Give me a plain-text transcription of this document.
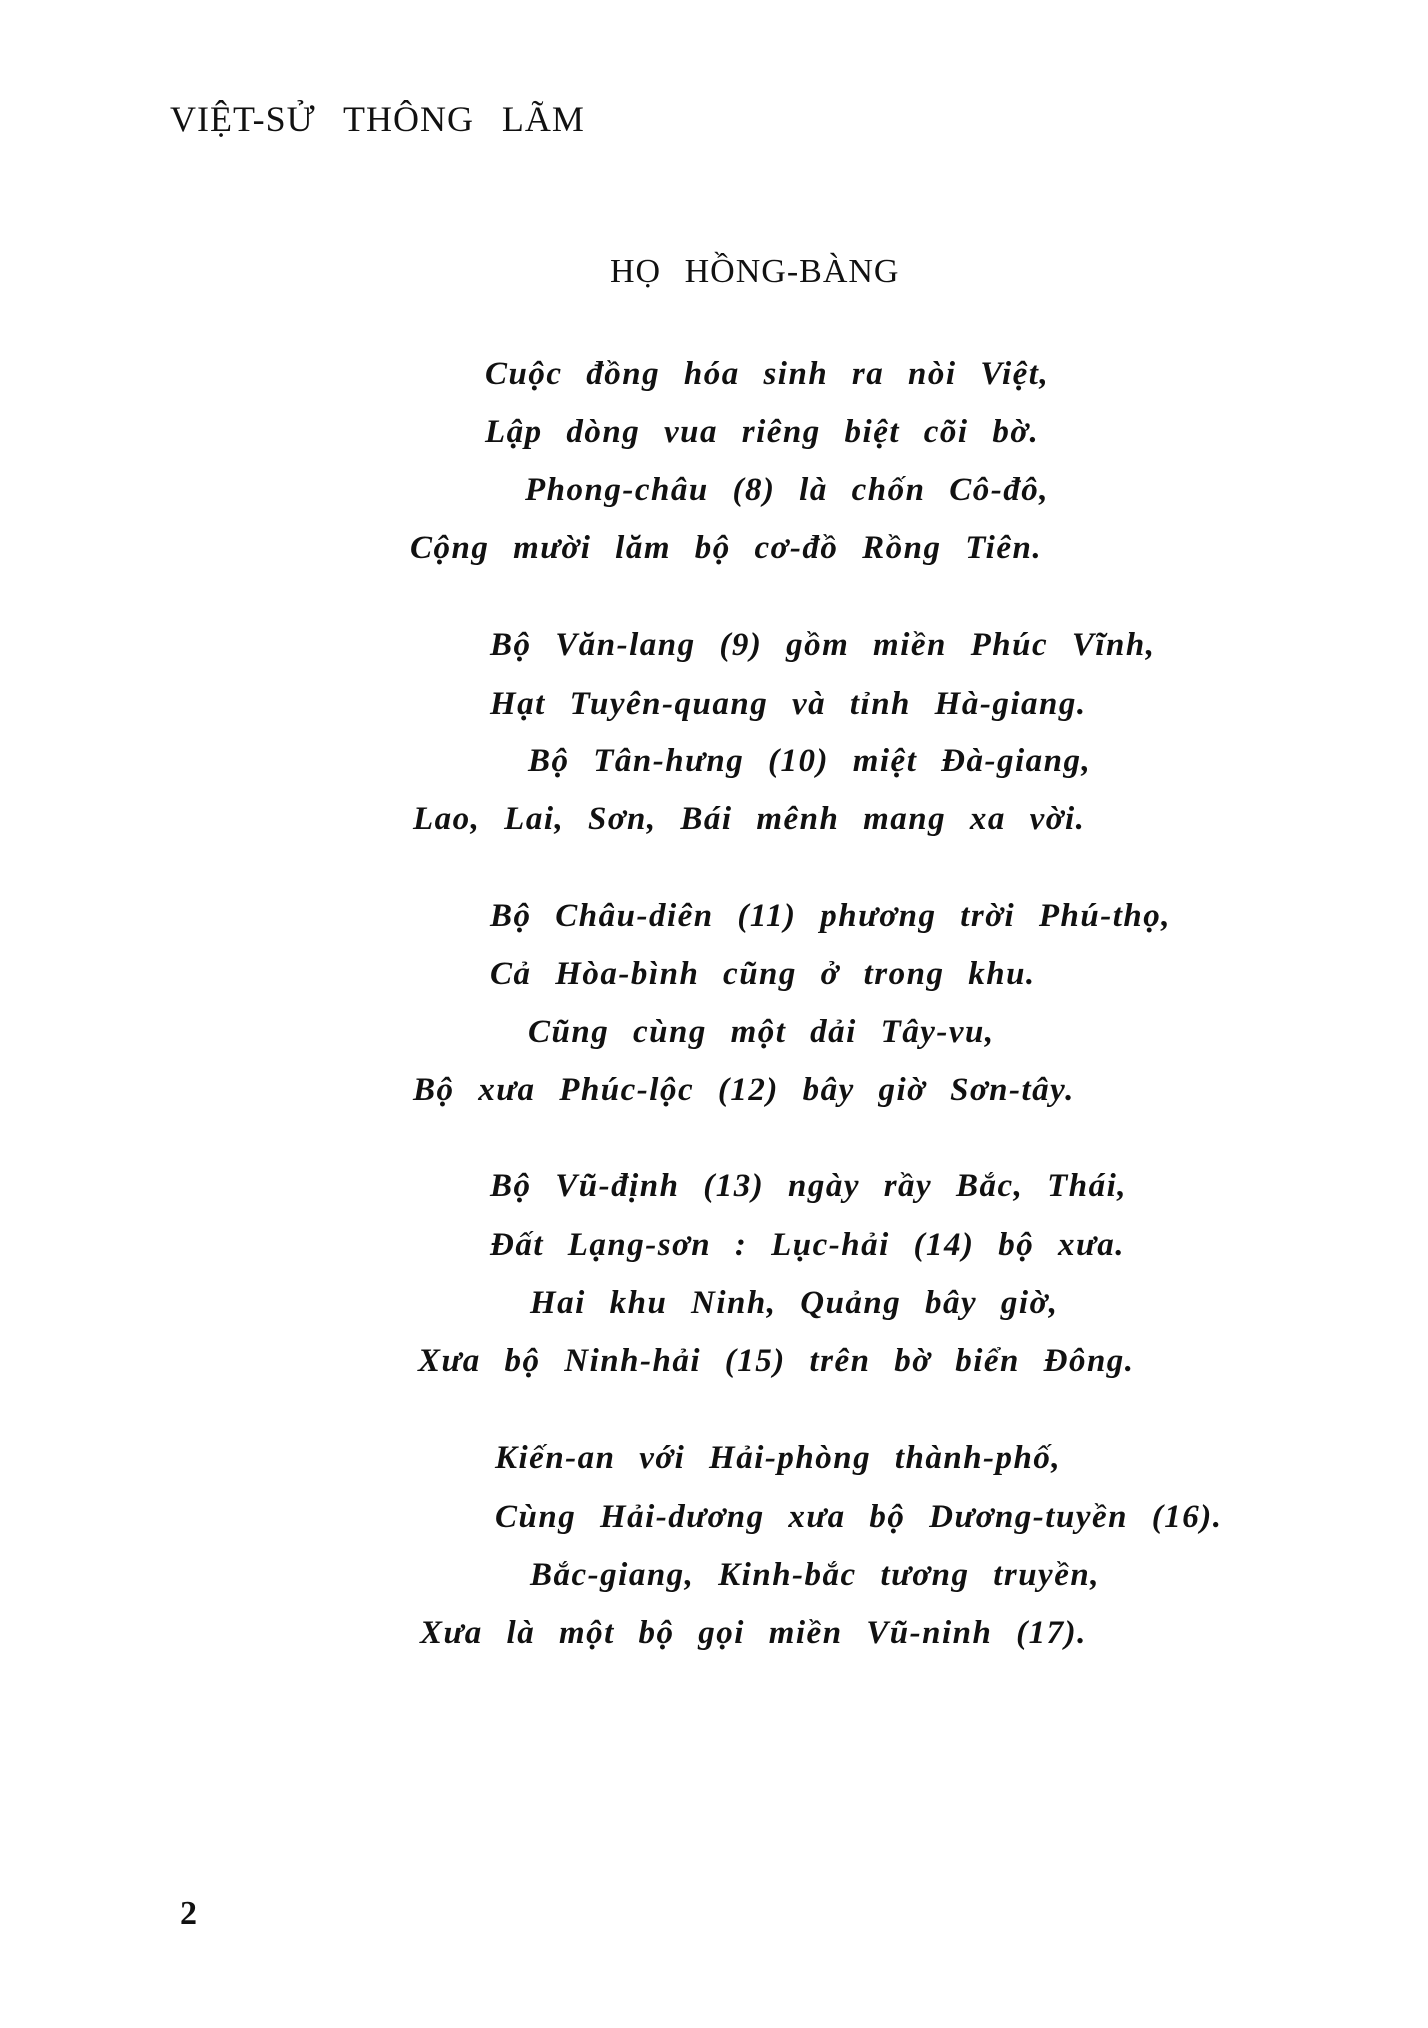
VIỆT-SỬ THÔNG LÃM
HỌ HỒNG-BÀNG
Cuộc đồng hóa sinh ra nòi Việt,
Lập dòng vua riêng biệt cõi bờ.
Phong-châu (8) là chốn Cô-đô,
Cộng mười lăm bộ cơ-đồ Rồng Tiên.
Bộ Văn-lang (9) gồm miền Phúc Vĩnh,
Hạt Tuyên-quang và tỉnh Hà-giang.
Bộ Tân-hưng (10) miệt Đà-giang,
Lao, Lai, Sơn, Bái mênh mang xa vời.
Bộ Châu-diên (11) phương trời Phú-thọ,
Cả Hòa-bình cũng ở trong khu.
Cũng cùng một dải Tây-vu,
Bộ xưa Phúc-lộc (12) bây giờ Sơn-tây.
Bộ Vũ-định (13) ngày rầy Bắc, Thái,
Đất Lạng-sơn : Lục-hải (14) bộ xưa.
Hai khu Ninh, Quảng bây giờ,
Xưa bộ Ninh-hải (15) trên bờ biển Đông.
Kiến-an với Hải-phòng thành-phố,
Cùng Hải-dương xưa bộ Dương-tuyền (16).
Bắc-giang, Kinh-bắc tương truyền,
Xưa là một bộ gọi miền Vũ-ninh (17).
2
